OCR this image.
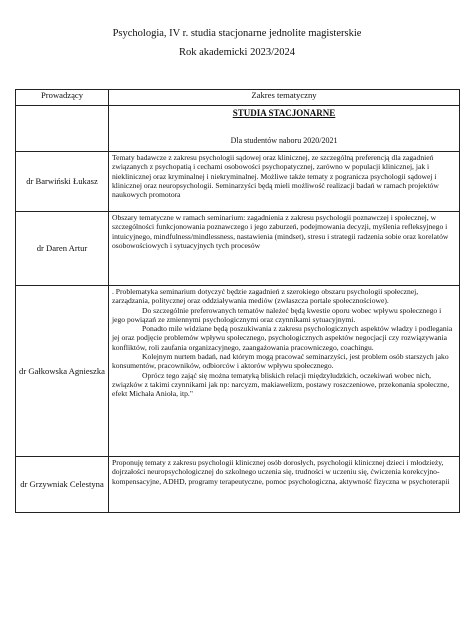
Psychologia, IV r. studia stacjonarne jednolite magisterskie
Rok akademicki 2023/2024
Prowadzący	Zakres tematyczny

	STUDIA STACJONARNE
Dla studentów naboru 2020/2021

dr Barwiński Łukasz	Tematy badawcze z zakresu psychologii sądowej oraz klinicznej, ze szczególną preferencją dla zagadnień związanych z psychopatią i cechami osobowości psychopatycznej, zarówno w populacji klinicznej, jak i nieklinicznej oraz kryminalnej i niekryminalnej. Możliwe także tematy z pogranicza psychologii sądowej i klinicznej oraz neuropsychologii. Seminarzyści będą mieli możliwość realizacji badań w ramach projektów naukowych promotora

dr Daren Artur	Obszary tematyczne w ramach seminarium: zagadnienia z zakresu psychologii poznawczej i społecznej, w szczególności funkcjonowania poznawczego i jego zaburzeń, podejmowania decyzji, myślenia refleksyjnego i intuicyjnego, mindfulness/mindlessness, nastawienia (mindset), stresu i strategii radzenia sobie oraz korelatów osobowościowych i sytuacyjnych tych procesów

dr Gałkowska Agnieszka	. Problematyka seminarium dotyczyć będzie zagadnień z szerokiego obszaru psychologii społecznej, zarządzania, politycznej oraz oddziaływania mediów (zwłaszcza portale społecznościowe).

Do szczególnie preferowanych tematów należeć będą kwestie oporu wobec wpływu społecznego i jego powiązań ze zmiennymi psychologicznymi oraz czynnikami sytuacyjnymi.

Ponadto mile widziane będą poszukiwania z zakresu psychologicznych aspektów władzy i podlegania jej oraz podjęcie problemów wpływu społecznego, psychologicznych aspektów negocjacji czy rozwiązywania konfliktów, roli zaufania organizacyjnego, zaangażowania pracowniczego, coachingu.

Kolejnym nurtem badań, nad którym mogą pracować seminarzyści, jest problem osób starszych jako konsumentów, pracowników, odbiorców i aktorów wpływu społecznego.

Oprócz tego zająć się można tematyką bliskich relacji międzyludzkich, oczekiwań wobec nich, związków z takimi czynnikami jak np: narcyzm, makiawelizm, postawy roszczeniowe, przekonania społeczne, efekt Michała Anioła, itp."

dr Grzywniak Celestyna	Proponuję tematy z zakresu psychologii klinicznej osób dorosłych, psychologii klinicznej dzieci i młodzieży, dojrzałości neuropsychologicznej do szkolnego uczenia się, trudności w uczeniu się, ćwiczenia korekcyjno-kompensacyjne, ADHD, programy terapeutyczne, pomoc psychologiczna, aktywność fizyczna w psychoterapii
